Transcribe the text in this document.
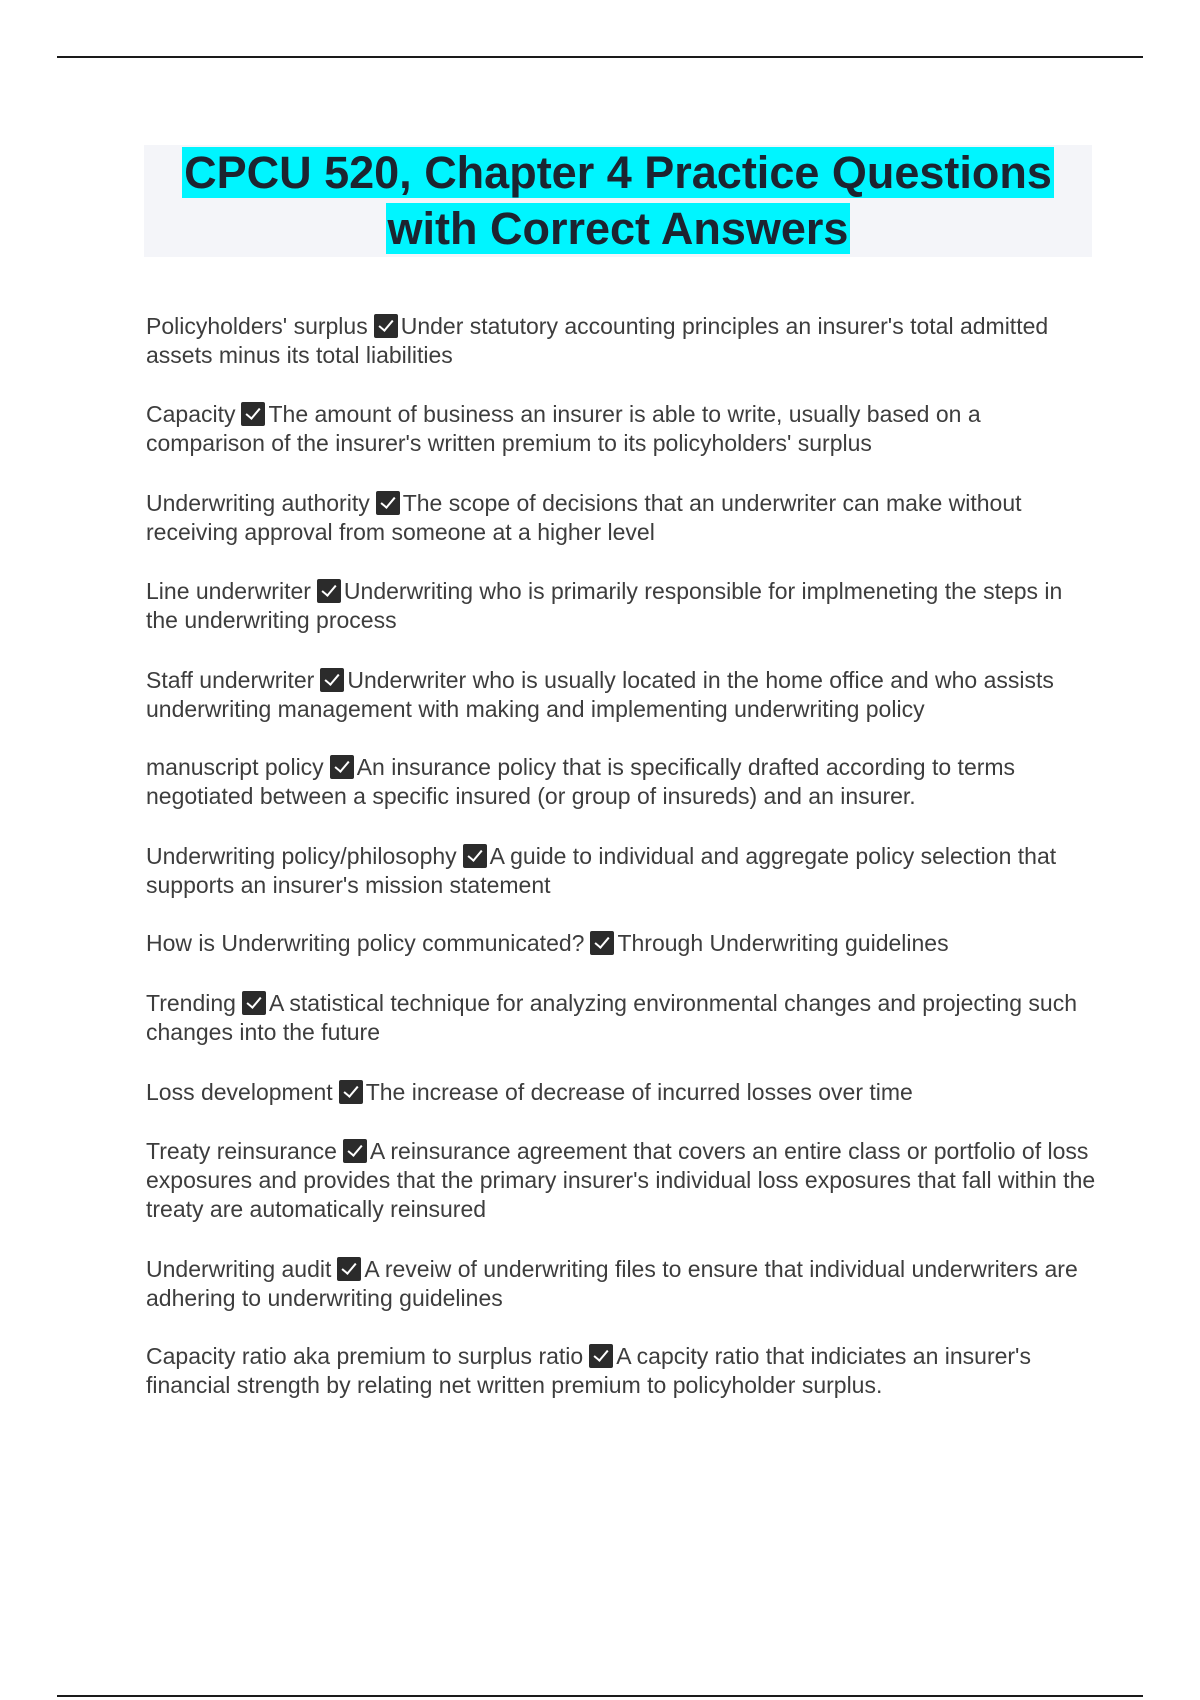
CPCU 520, Chapter 4 Practice Questions
with Correct Answers
Policyholders' surplus Under statutory accounting principles an insurer's total admitted assets minus its total liabilities
Capacity The amount of business an insurer is able to write, usually based on a comparison of the insurer's written premium to its policyholders' surplus
Underwriting authority The scope of decisions that an underwriter can make without receiving approval from someone at a higher level
Line underwriter Underwriting who is primarily responsible for implmeneting the steps in the underwriting process
Staff underwriter Underwriter who is usually located in the home office and who assists underwriting management with making and implementing underwriting policy
manuscript policy An insurance policy that is specifically drafted according to terms negotiated between a specific insured (or group of insureds) and an insurer.
Underwriting policy/philosophy A guide to individual and aggregate policy selection that supports an insurer's mission statement
How is Underwriting policy communicated? Through Underwriting guidelines
Trending A statistical technique for analyzing environmental changes and projecting such changes into the future
Loss development The increase of decrease of incurred losses over time
Treaty reinsurance A reinsurance agreement that covers an entire class or portfolio of loss exposures and provides that the primary insurer's individual loss exposures that fall within the treaty are automatically reinsured
Underwriting audit A reveiw of underwriting files to ensure that individual underwriters are adhering to underwriting guidelines
Capacity ratio aka premium to surplus ratio A capcity ratio that indiciates an insurer's financial strength by relating net written premium to policyholder surplus.
